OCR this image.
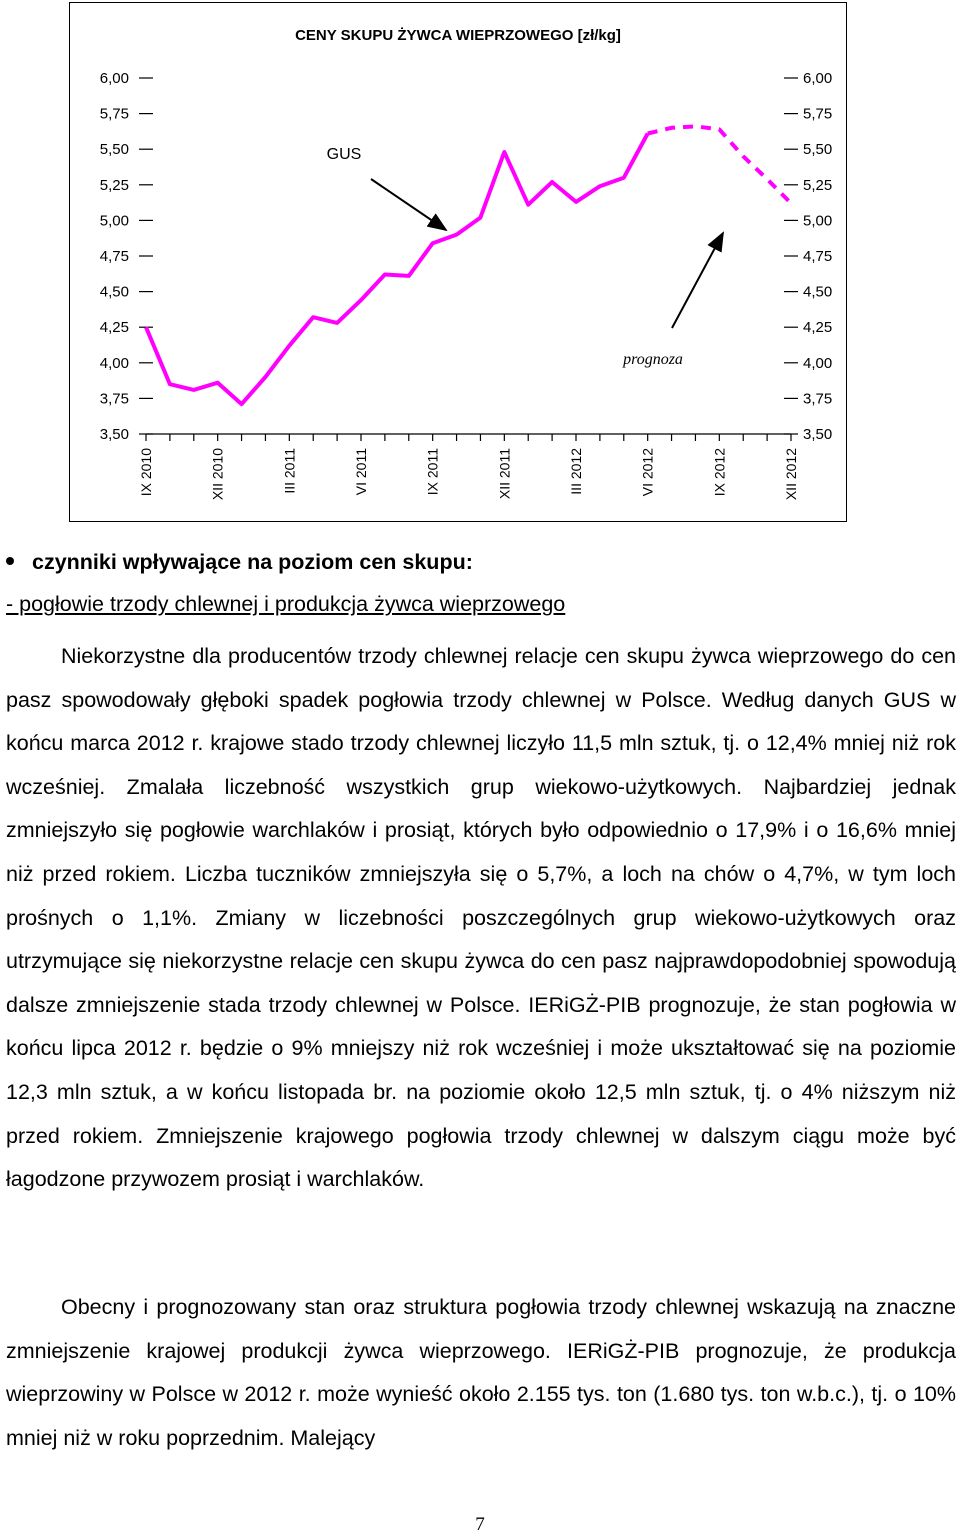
CENY SKUPU ŻYWCA WIEPRZOWEGO [zł/kg]
6,00	6,00
5,75	5,75
5,50	5,50
5,25	5,25
5,00	5,00
4,75	4,75
4,50	4,50
4,25	4,25
4,00	4,00
3,75	3,75
3,50	3,50
IX 2010	XII 2010	III 2011	VI 2011	IX 2011	XII 2011	III 2012	VI 2012	IX 2012	XII 2012
GUS
prognoza
czynniki wpływające na poziom cen skupu:
- pogłowie trzody chlewnej i produkcja żywca wieprzowego
Niekorzystne dla producentów trzody chlewnej relacje cen skupu żywca wieprzowego do cen pasz spowodowały głęboki spadek pogłowia trzody chlewnej w Polsce. Według danych GUS w końcu marca 2012 r. krajowe stado trzody chlewnej liczyło 11,5 mln sztuk, tj. o 12,4% mniej niż rok wcześniej. Zmalała liczebność wszystkich grup wiekowo-użytkowych. Najbardziej jednak zmniejszyło się pogłowie warchlaków i prosiąt, których było odpowiednio o 17,9% i o 16,6% mniej niż przed rokiem. Liczba tuczników zmniejszyła się o 5,7%, a loch na chów o 4,7%, w tym loch prośnych o 1,1%. Zmiany w liczebności poszczególnych grup wiekowo-użytkowych oraz utrzymujące się niekorzystne relacje cen skupu żywca do cen pasz najprawdopodobniej spowodują dalsze zmniejszenie stada trzody chlewnej w Polsce. IERiGŻ-PIB prognozuje, że stan pogłowia w końcu lipca 2012 r. będzie o 9% mniejszy niż rok wcześniej i może ukształtować się na poziomie 12,3 mln sztuk, a w końcu listopada br. na poziomie około 12,5 mln sztuk, tj. o 4% niższym niż przed rokiem. Zmniejszenie krajowego pogłowia trzody chlewnej w dalszym ciągu może być łagodzone przywozem prosiąt i warchlaków.
Obecny i prognozowany stan oraz struktura pogłowia trzody chlewnej wskazują na znaczne zmniejszenie krajowej produkcji żywca wieprzowego. IERiGŻ-PIB prognozuje, że produkcja wieprzowiny w Polsce w 2012 r. może wynieść około 2.155 tys. ton (1.680 tys. ton w.b.c.), tj. o 10% mniej niż w roku poprzednim. Malejący
7
